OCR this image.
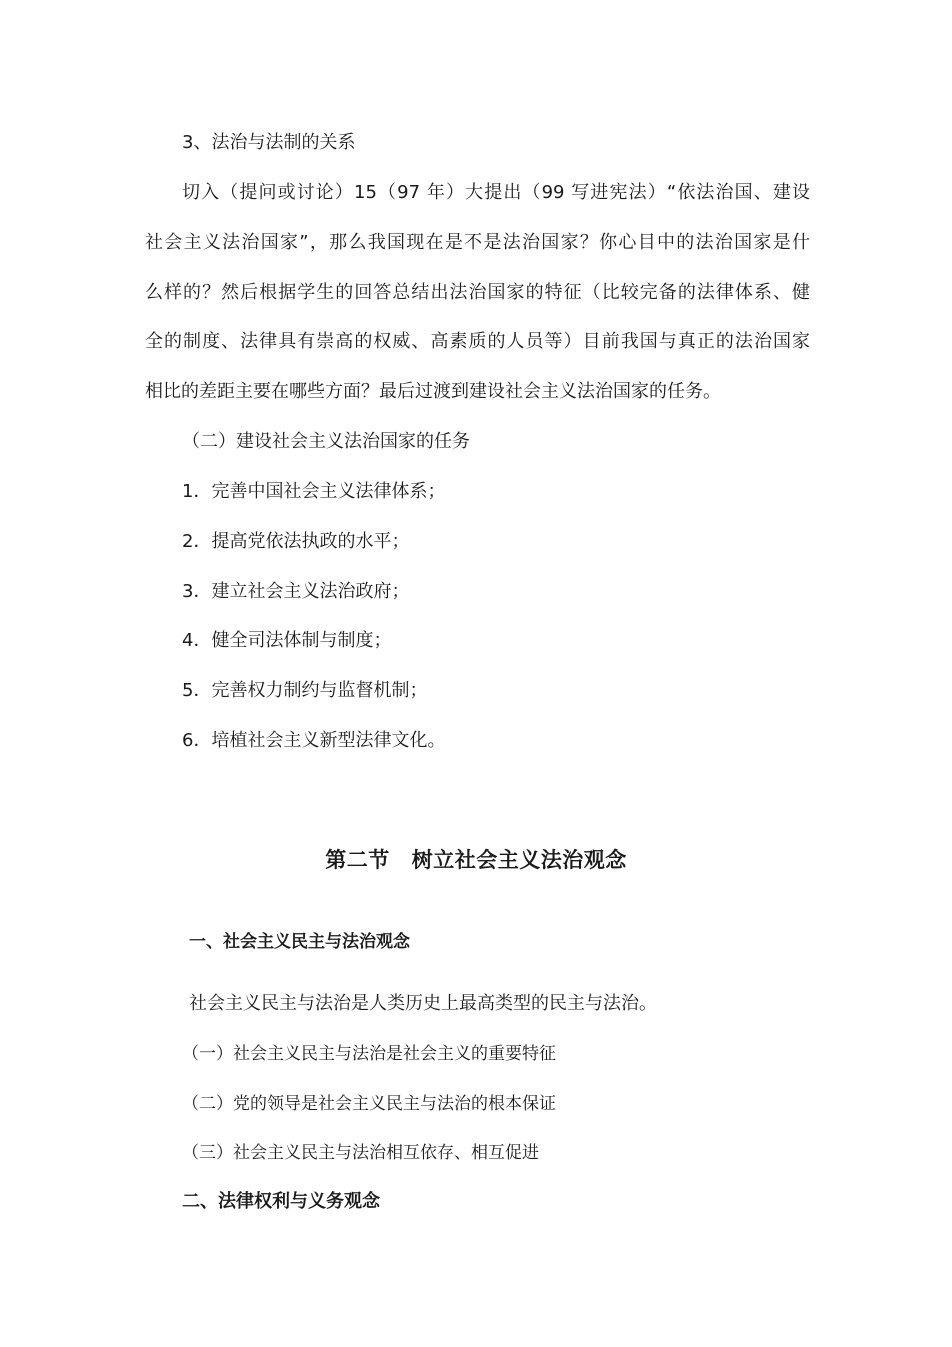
3、法治与法制的关系
切入（提问或讨论）15（97 年）大提出（99 写进宪法）“依法治国、建设
社会主义法治国家”，那么我国现在是不是法治国家？你心目中的法治国家是什
么样的？然后根据学生的回答总结出法治国家的特征（比较完备的法律体系、健
全的制度、法律具有崇高的权威、高素质的人员等）目前我国与真正的法治国家
相比的差距主要在哪些方面？最后过渡到建设社会主义法治国家的任务。
（二）建设社会主义法治国家的任务
1．完善中国社会主义法律体系；
2．提高党依法执政的水平；
3．建立社会主义法治政府；
4．健全司法体制与制度；
5．完善权力制约与监督机制；
6．培植社会主义新型法律文化。
第二节 树立社会主义法治观念
一、社会主义民主与法治观念
社会主义民主与法治是人类历史上最高类型的民主与法治。
（一）社会主义民主与法治是社会主义的重要特征
（二）党的领导是社会主义民主与法治的根本保证
（三）社会主义民主与法治相互依存、相互促进
二、法律权利与义务观念
